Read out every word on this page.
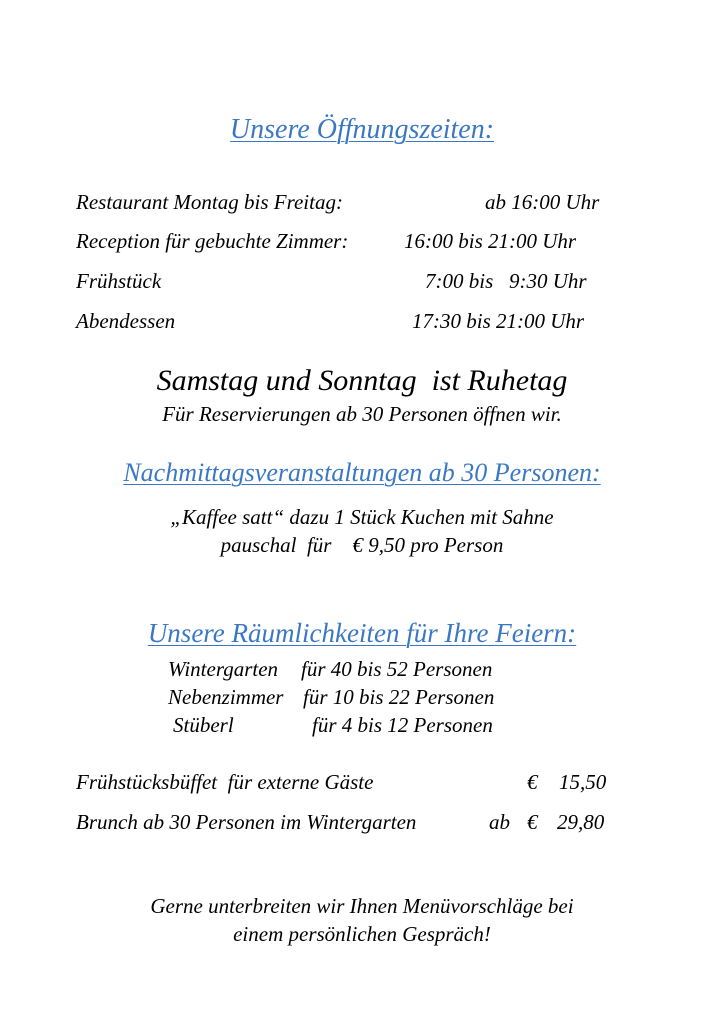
Unsere Öffnungszeiten:
Restaurant Montag bis Freitag:	ab 16:00 Uhr
Reception für gebuchte Zimmer:	16:00 bis 21:00 Uhr
Frühstück	7:00 bis   9:30 Uhr
Abendessen	17:30 bis 21:00 Uhr
Samstag und Sonntag  ist Ruhetag
Für Reservierungen ab 30 Personen öffnen wir.
Nachmittagsveranstaltungen ab 30 Personen:
„Kaffee satt“ dazu 1 Stück Kuchen mit Sahne
pauschal  für    € 9,50 pro Person
Unsere Räumlichkeiten für Ihre Feiern:
Wintergarten für 40 bis 52 Personen
Nebenzimmer für 10 bis 22 Personen
Stüberl	für 4 bis 12 Personen
Frühstücksbüffet  für externe Gäste	€ 15,50
Brunch ab 30 Personen im Wintergarten	ab € 29,80
Gerne unterbreiten wir Ihnen Menüvorschläge bei
einem persönlichen Gespräch!
